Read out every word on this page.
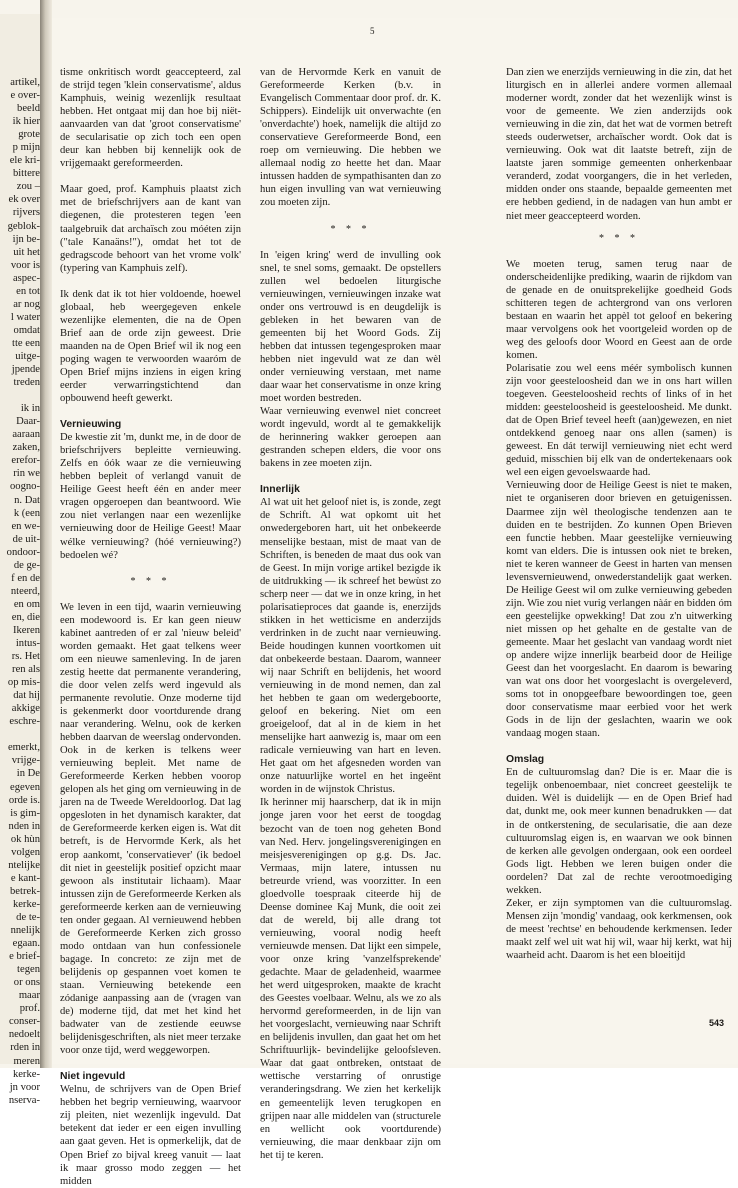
artikel,
e over-
beeld
ik hier
grote
p mijn
ele kri-
bittere
zou –
ek over
rijvers
geblok-
ijn be-
uit het
voor is
aspec-
en tot
ar nog
l water
omdat
tte een
uitge-
jpende
treden

ik in
Daar-
aaraan
zaken,
erefor-
rin we
oogno-
n. Dat
k (een
en we-
de uit-
ondoor-
de ge-
f en de
nteerd,
en om
en, die
Ikeren
intus-
rs. Het
ren als
op mis-
dat hij
akkige
eschre-

emerkt,
vrijge-
in De
egeven
orde is.
is gim-
nden in
ok hùn
volgen
ntelijke
e kant-
betrek-
kerke-
de te-
nnelijk
egaan.
e brief-
tegen
or ons
maar
prof.
conser-
nedoelt
rden in
meren
kerke-
jn voor
nserva-
5

tisme onkritisch wordt geaccepteerd, zal de strijd tegen 'klein conservatisme', aldus Kamphuis, weinig wezenlijk resultaat hebben. Het ontgaat mij dan hoe bij niët- aanvaarden van dat 'groot conservatisme' de secularisatie op zich toch een open deur kan hebben bij kennelijk ook de vrijgemaakt gereformeerden.

Maar goed, prof. Kamphuis plaatst zich met de briefschrijvers aan de kant van diegenen, die protesteren tegen 'een taalgebruik dat archaïsch zou móéten zijn ("tale Kanaäns!"), omdat het tot de gedragscode behoort van het vrome volk' (typering van Kamphuis zelf).

Ik denk dat ik tot hier voldoende, hoewel globaal, heb weergegeven enkele wezenlijke elementen, die na de Open Brief aan de orde zijn geweest. Drie maanden na de Open Brief wil ik nog een poging wagen te verwoorden waaróm de Open Brief mijns inziens in eigen kring eerder verwarringstichtend dan opbouwend heeft gewerkt.

Vernieuwing

De kwestie zit 'm, dunkt me, in de door de briefschrijvers bepleitte vernieuwing. Zelfs en óók waar ze die vernieuwing hebben bepleit of verlangd vanuit de Heilige Geest heeft één en ander meer vragen opgeroepen dan beantwoord. Wie zou niet verlangen naar een wezenlijke vernieuwing door de Heilige Geest! Maar wélke vernieuwing? (hóé vernieuwing?) bedoelen wé?

* * *

We leven in een tijd, waarin vernieuwing een modewoord is. Er kan geen nieuw kabinet aantreden of er zal 'nieuw beleid' worden gemaakt. Het gaat telkens weer om een nieuwe samenleving. In de jaren zestig heette dat permanente verandering, die door velen zelfs werd ingevuld als permanente revolutie. Onze moderne tijd is gekenmerkt door voortdurende drang naar verandering. Welnu, ook de kerken hebben daarvan de weerslag ondervonden. Ook in de kerken is telkens weer vernieuwing bepleit. Met name de Gereformeerde Kerken hebben voorop gelopen als het ging om vernieuwing in de jaren na de Tweede Wereldoorlog. Dat lag opgesloten in het dynamisch karakter, dat de Gereformeerde kerken eigen is. Wat dit betreft, is de Hervormde Kerk, als het erop aankomt, 'conservatiever' (ik bedoel dit niet in geestelijk positief opzicht maar gewoon als institutair lichaam). Maar intussen zijn de Gereformeerde Kerken als gereformeerde kerken aan de vernieuwing ten onder gegaan. Al vernieuwend hebben de Gereformeerde Kerken zich grosso modo ontdaan van hun confessionele bagage. In concreto: ze zijn met de belijdenis op gespannen voet komen te staan. Vernieuwing betekende een zódanige aanpassing aan de (vragen van de) moderne tijd, dat met het kind het badwater van de zestiende eeuwse belijdenisgeschriften, als niet meer terzake voor onze tijd, werd weggeworpen.

Niet ingevuld

Welnu, de schrijvers van de Open Brief hebben het begrip vernieuwing, waarvoor zij pleiten, niet wezenlijk ingevuld. Dat betekent dat ieder er een eigen invulling aan gaat geven. Het is opmerkelijk, dat de Open Brief zo bijval kreeg vanuit — laat ik maar grosso modo zeggen — het midden

van de Hervormde Kerk en vanuit de Gereformeerde Kerken (b.v. in Evangelisch Commentaar door prof. dr. K. Schippers). Eindelijk uit onverwachte (en 'onverdachte') hoek, namelijk die altijd zo conservatieve Gereformeerde Bond, een roep om vernieuwing. Die hebben we allemaal nodig zo heette het dan. Maar intussen hadden de sympathisanten dan zo hun eigen invulling van wat vernieuwing zou moeten zijn.

* * *

In 'eigen kring' werd de invulling ook snel, te snel soms, gemaakt. De opstellers zullen wel bedoelen liturgische vernieuwingen, vernieuwingen inzake wat onder ons vertrouwd is en deugdelijk is gebleken in het bewaren van de gemeenten bij het Woord Gods. Zij hebben dat intussen tegengesproken maar hebben niet ingevuld wat ze dan wèl onder vernieuwing verstaan, met name daar waar het conservatisme in onze kring moet worden bestreden.

Waar vernieuwing evenwel niet concreet wordt ingevuld, wordt al te gemakkelijk de herinnering wakker geroepen aan gestranden schepen elders, die voor ons bakens in zee moeten zijn.

Innerlijk

Al wat uit het geloof niet is, is zonde, zegt de Schrift. Al wat opkomt uit het onwedergeboren hart, uit het onbekeerde menselijke bestaan, mist de maat van de Schriften, is beneden de maat dus ook van de Geest. In mijn vorige artikel bezigde ik de uitdrukking — ik schreef het bewùst zo scherp neer — dat we in onze kring, in het polarisatieproces dat gaande is, enerzijds stikken in het wetticisme en anderzijds verdrinken in de zucht naar vernieuwing. Beide houdingen kunnen voortkomen uit dat onbekeerde bestaan. Daarom, wanneer wij naar Schrift en belijdenis, het woord vernieuwing in de mond nemen, dan zal het hebben te gaan om wedergeboorte, geloof en bekering. Niet om een groeigeloof, dat al in de kiem in het menselijke hart aanwezig is, maar om een radicale vernieuwing van hart en leven. Het gaat om het afgesneden worden van onze natuurlijke wortel en het ingeënt worden in de wijnstok Christus.

Ik herinner mij haarscherp, dat ik in mijn jonge jaren voor het eerst de toogdag bezocht van de toen nog geheten Bond van Ned. Herv. jongelingsverenigingen en meisjesverenigingen op g.g. Ds. Jac. Vermaas, mijn latere, intussen nu betreurde vriend, was voorzitter. In een gloedvolle toespraak citeerde hij de Deense dominee Kaj Munk, die ooit zei dat de wereld, bij alle drang tot vernieuwing, vooral nodig heeft vernieuwde mensen. Dat lijkt een simpele, voor onze kring 'vanzelfsprekende' gedachte. Maar de geladenheid, waarmee het werd uitgesproken, maakte de kracht des Geestes voelbaar. Welnu, als we zo als hervormd gereformeerden, in de lijn van het voorgeslacht, vernieuwing naar Schrift en belijdenis invullen, dan gaat het om het Schriftuurlijk- bevindelijke geloofsleven. Waar dat gaat ontbreken, ontstaat de wettische verstarring of onrustige veranderingsdrang. We zien het kerkelijk en gemeentelijk leven terugkopen en grijpen naar alle middelen van (structurele en wellicht ook voortdurende) vernieuwing, die maar denkbaar zijn om het tij te keren.

Dan zien we enerzijds vernieuwing in die zin, dat het liturgisch en in allerlei andere vormen allemaal moderner wordt, zonder dat het wezenlijk winst is voor de gemeente. We zien anderzijds ook vernieuwing in die zin, dat het wat de vormen betreft steeds ouderwetser, archaïscher wordt. Ook dat is vernieuwing. Ook wat dit laatste betreft, zijn de laatste jaren sommige gemeenten onherkenbaar veranderd, zodat voorgangers, die in het verleden, midden onder ons staande, bepaalde gemeenten met ere hebben gediend, in de nadagen van hun ambt er niet meer geaccepteerd worden.

* * *

We moeten terug, samen terug naar de onderscheidenlijke prediking, waarin de rijkdom van de genade en de onuitsprekelijke goedheid Gods schitteren tegen de achtergrond van ons verloren bestaan en waarin het appèl tot geloof en bekering maar vervolgens ook het voortgeleid worden op de weg des geloofs door Woord en Geest aan de orde komen.

Polarisatie zou wel eens méér symbolisch kunnen zijn voor geesteloosheid dan we in ons hart willen toegeven. Geesteloosheid rechts of links of in het midden: geesteloosheid is geesteloosheid. Me dunkt. dat de Open Brief teveel heeft (aan)gewezen, en niet ontdekkend genoeg naar ons allen (samen) is geweest. En dát terwijl vernieuwing niet echt werd geduid, misschien bij elk van de ondertekenaars ook wel een eigen gevoelswaarde had.

Vernieuwing door de Heilige Geest is niet te maken, niet te organiseren door brieven en getuigenissen. Daarmee zijn wèl theologische tendenzen aan te duiden en te bestrijden. Zo kunnen Open Brieven een functie hebben. Maar geestelijke vernieuwing komt van elders. Die is intussen ook niet te breken, niet te keren wanneer de Geest in harten van mensen levensvernieuwend, onwederstandelijk gaat werken. De Heilige Geest wil om zulke vernieuwing gebeden zijn. Wie zou niet vurig verlangen nàár en bidden óm een geestelijke opwekking! Dat zou z'n uitwerking niet missen op het gehalte en de gestalte van de gemeente. Maar het geslacht van vandaag wordt niet op andere wijze innerlijk bearbeid door de Heilige Geest dan het voorgeslacht. En daarom is bewaring van wat ons door het voorgeslacht is overgeleverd, soms tot in onopgeefbare bewoordingen toe, geen door conservatisme maar eerbied voor het werk Gods in de lijn der geslachten, waarin we ook vandaag mogen staan.

Omslag

En de cultuuromslag dan? Die is er. Maar die is tegelijk onbenoembaar, niet concreet geestelijk te duiden. Wèl is duidelijk — en de Open Brief had dat, dunkt me, ook meer kunnen benadrukken — dat in de ontkerstening, de secularisatie, die aan deze cultuuromslag eigen is, en waarvan we ook binnen de kerken alle gevolgen ondergaan, ook een oordeel Gods ligt. Hebben we leren buigen onder die oordelen? Dat zal de rechte verootmoediging wekken.

Zeker, er zijn symptomen van die cultuuromslag. Mensen zijn 'mondig' vandaag, ook kerkmensen, ook de meest 'rechtse' en behoudende kerkmensen. Ieder maakt zelf wel uit wat hij wil, waar hij kerkt, wat hij waarheid acht. Daarom is het een bloeitijd

543
